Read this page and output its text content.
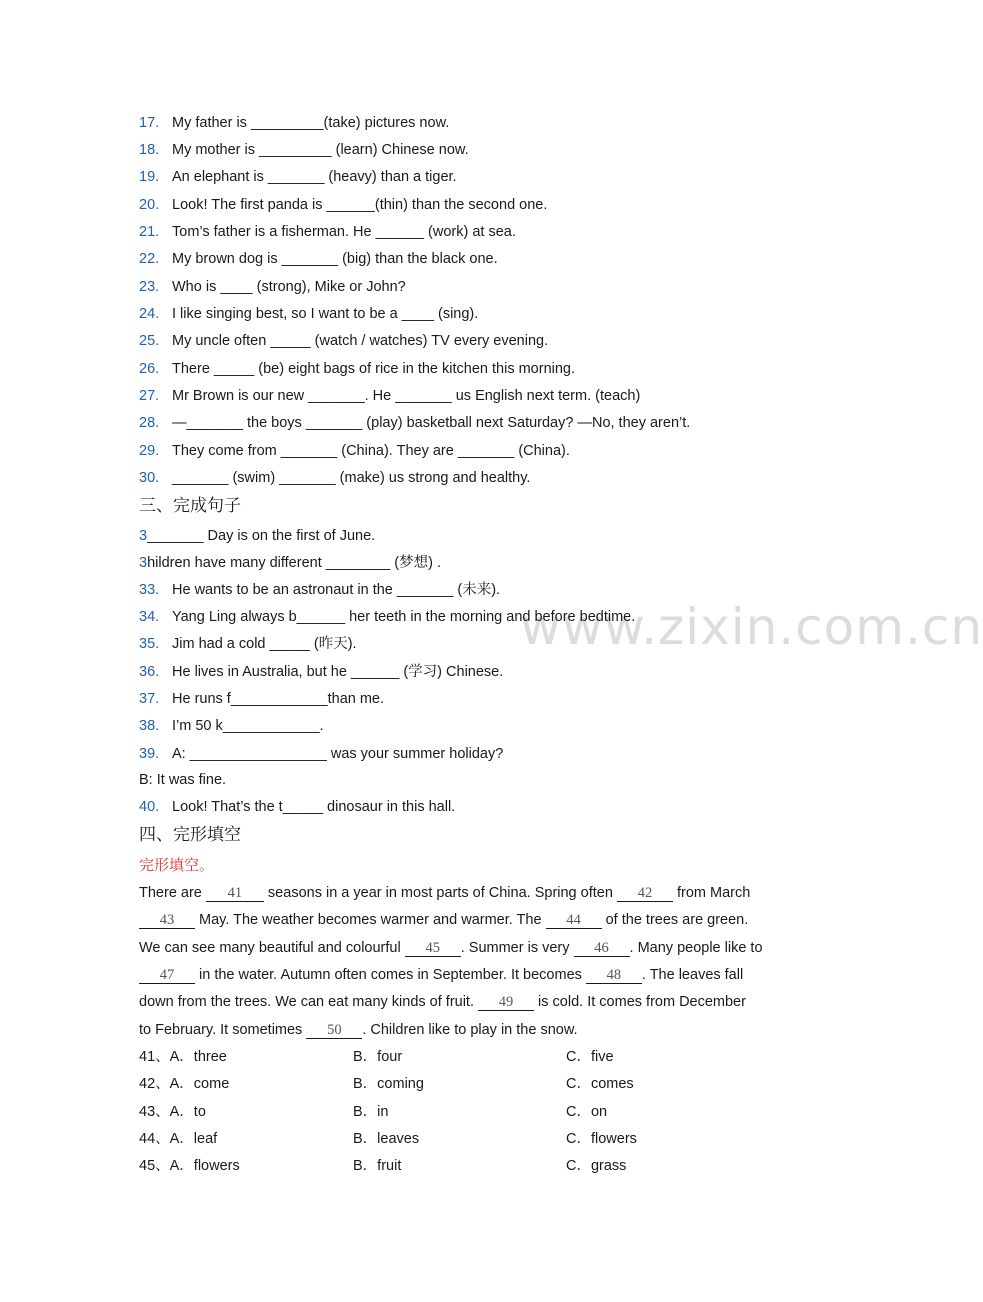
www.zixin.com.cn
17. My father is _________(take) pictures now.
18. My mother is _________ (learn) Chinese now.
19. An elephant is _______ (heavy) than a tiger.
20. Look! The first panda is ______(thin) than the second one.
21. Tom’s father is a fisherman. He ______ (work) at sea.
22. My brown dog is _______ (big) than the black one.
23. Who is ____ (strong), Mike or John?
24. I like singing best, so I want to be a ____ (sing).
25. My uncle often _____ (watch / watches) TV every evening.
26. There _____ (be) eight bags of rice in the kitchen this morning.
27. Mr Brown is our new _______. He _______ us English next term. (teach)
28. —_______ the boys _______ (play) basketball next Saturday? —No, they aren’t.
29. They come from _______ (China). They are _______ (China).
30. _______ (swim) _______ (make) us strong and healthy.
三、完成句子
3_______ Day is on the first of June.
3hildren have many different ________ (梦想) .
33. He wants to be an astronaut in the _______ (未来).
34. Yang Ling always b______ her teeth in the morning and before bedtime.
35. Jim had a cold _____ (昨天).
36. He lives in Australia, but he ______ (学习) Chinese.
37. He runs f____________than me.
38. I’m 50 k____________.
39. A: _________________ was your summer holiday?
B: It was fine.
40. Look! That’s the t_____ dinosaur in this hall.
四、完形填空
完形填空。
There are 41 seasons in a year in most parts of China. Spring often 42 from March
43 May. The weather becomes warmer and warmer. The 44 of the trees are green.
We can see many beautiful and colourful 45 . Summer is very 46 . Many people like to
47 in the water. Autumn often comes in September. It becomes 48 . The leaves fall
down from the trees. We can eat many kinds of fruit. 49 is cold. It comes from December
to February. It sometimes 50 . Children like to play in the snow.
41、A．three	B．four	C．five
42、A．come	B．coming	C．comes
43、A．to	B．in	C．on
44、A．leaf	B．leaves	C．flowers
45、A．flowers	B．fruit	C．grass
